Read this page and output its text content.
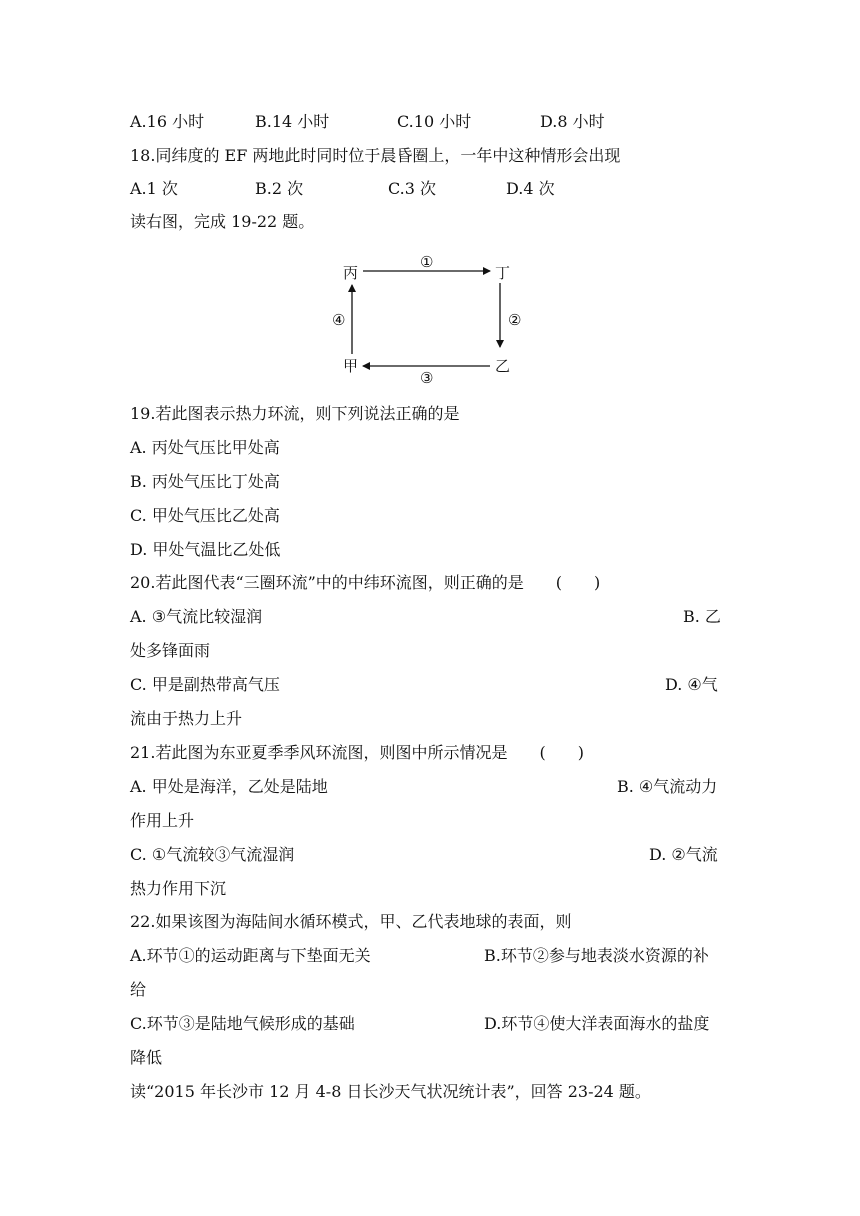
A.16 小时	B.14 小时	C.10 小时	D.8 小时
18.同纬度的 EF 两地此时同时位于晨昏圈上，一年中这种情形会出现
A.1 次	B.2 次	C.3 次	D.4 次
读右图，完成 19-22 题。
丙	丁
甲	乙
①
②
③
④
19.若此图表示热力环流，则下列说法正确的是
A. 丙处气压比甲处高
B. 丙处气压比丁处高
C. 甲处气压比乙处高
D. 甲处气温比乙处低
20.若此图代表“三圈环流”中的中纬环流图，则正确的是　　(　　)
A. ③气流比较湿润	B. 乙
处多锋面雨
C. 甲是副热带高气压	D. ④气
流由于热力上升
21.若此图为东亚夏季季风环流图，则图中所示情况是　　(　　)
A. 甲处是海洋，乙处是陆地	B. ④气流动力
作用上升
C. ①气流较③气流湿润	D. ②气流
热力作用下沉
22.如果该图为海陆间水循环模式，甲、乙代表地球的表面，则
A.环节①的运动距离与下垫面无关	B.环节②参与地表淡水资源的补
给
C.环节③是陆地气候形成的基础	D.环节④使大洋表面海水的盐度
降低
读“2015 年长沙市 12 月 4-8 日长沙天气状况统计表”，回答 23-24 题。
